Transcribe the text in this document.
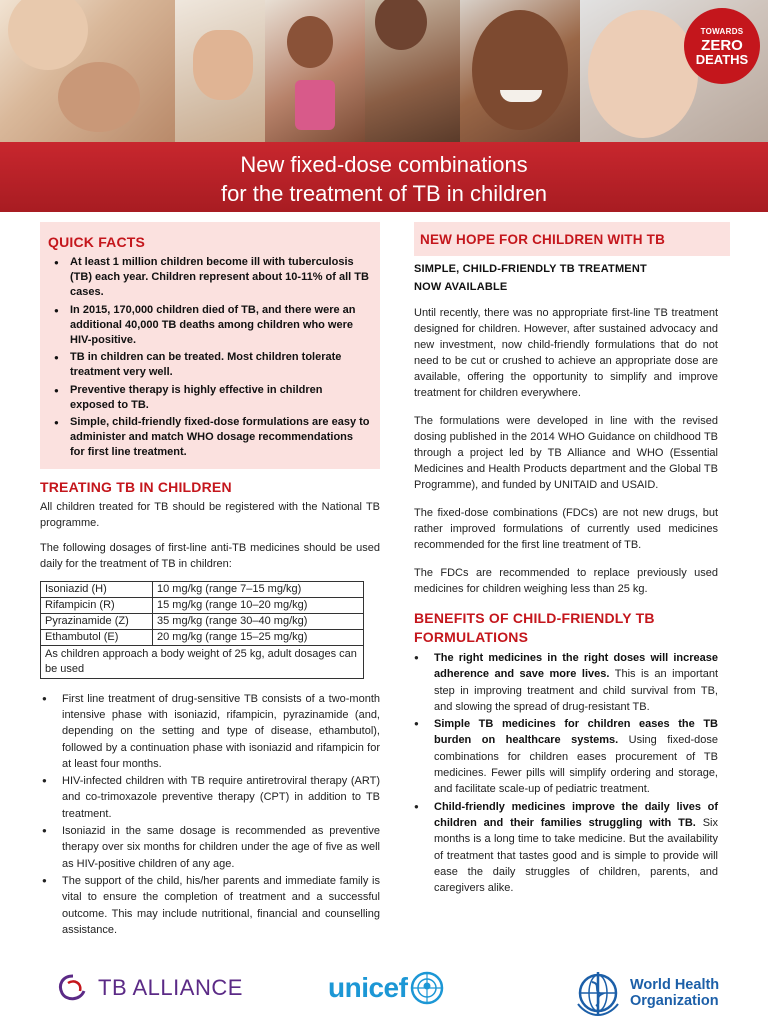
TOWARDS
ZERO
DEATHS
New fixed-dose combinations
for the treatment of TB in children
QUICK FACTS
● At least 1 million children become ill with tuberculosis (TB) each year. Children represent about 10-11% of all TB cases.
● In 2015, 170,000 children died of TB, and there were an additional 40,000 TB deaths among children who were HIV-positive.
● TB in children can be treated. Most children tolerate treatment very well.
● Preventive therapy is highly effective in children exposed to TB.
● Simple, child-friendly fixed-dose formulations are easy to administer and match WHO dosage recommendations for first line treatment.
TREATING TB IN CHILDREN

All children treated for TB should be registered with the National TB programme.

The following dosages of first-line anti-TB medicines should be used daily for the treatment of TB in children:

Isoniazid (H)	10 mg/kg (range 7–15 mg/kg)
Rifampicin (R)	15 mg/kg (range 10–20 mg/kg)
Pyrazinamide (Z)	35 mg/kg (range 30–40 mg/kg)
Ethambutol (E)	20 mg/kg (range 15–25 mg/kg)
As children approach a body weight of 25 kg, adult dosages can be used	
● First line treatment of drug-sensitive TB consists of a two-month intensive phase with isoniazid, rifampicin, pyrazinamide (and, depending on the setting and type of disease, ethambutol), followed by a continuation phase with isoniazid and rifampicin for at least four months.
● HIV-infected children with TB require antiretroviral therapy (ART) and co-trimoxazole preventive therapy (CPT) in addition to TB treatment.
● Isoniazid in the same dosage is recommended as preventive therapy over six months for children under the age of five as well as HIV-positive children of any age.
● The support of the child, his/her parents and immediate family is vital to ensure the completion of treatment and a successful outcome. This may include nutritional, financial and counselling assistance.
NEW HOPE FOR CHILDREN WITH TB
SIMPLE, CHILD-FRIENDLY TB TREATMENT
NOW AVAILABLE

Until recently, there was no appropriate first-line TB treatment designed for children. However, after sustained advocacy and new investment, now child-friendly formulations that do not need to be cut or crushed to achieve an appropriate dose are available, offering the opportunity to simplify and improve treatment for children everywhere.

The formulations were developed in line with the revised dosing published in the 2014 WHO Guidance on childhood TB through a project led by TB Alliance and WHO (Essential Medicines and Health Products department and the Global TB Programme), and funded by UNITAID and USAID.

The fixed-dose combinations (FDCs) are not new drugs, but rather improved formulations of currently used medicines recommended for the first line treatment of TB.

The FDCs are recommended to replace previously used medicines for children weighing less than 25 kg.

BENEFITS OF CHILD-FRIENDLY TB
FORMULATIONS
● The right medicines in the right doses will increase adherence and save more lives. This is an important step in improving treatment and child survival from TB, and slowing the spread of drug-resistant TB.
● Simple TB medicines for children eases the TB burden on healthcare systems. Using fixed-dose combinations for children eases procurement of TB medicines. Fewer pills will simplify ordering and storage, and facilitate scale-up of pediatric treatment.
● Child-friendly medicines improve the daily lives of children and their families struggling with TB. Six months is a long time to take medicine. But the availability of treatment that tastes good and is simple to provide will ease the daily struggles of children, parents, and caregivers alike.
TB ALLIANCE	unicef	World Health
Organization
